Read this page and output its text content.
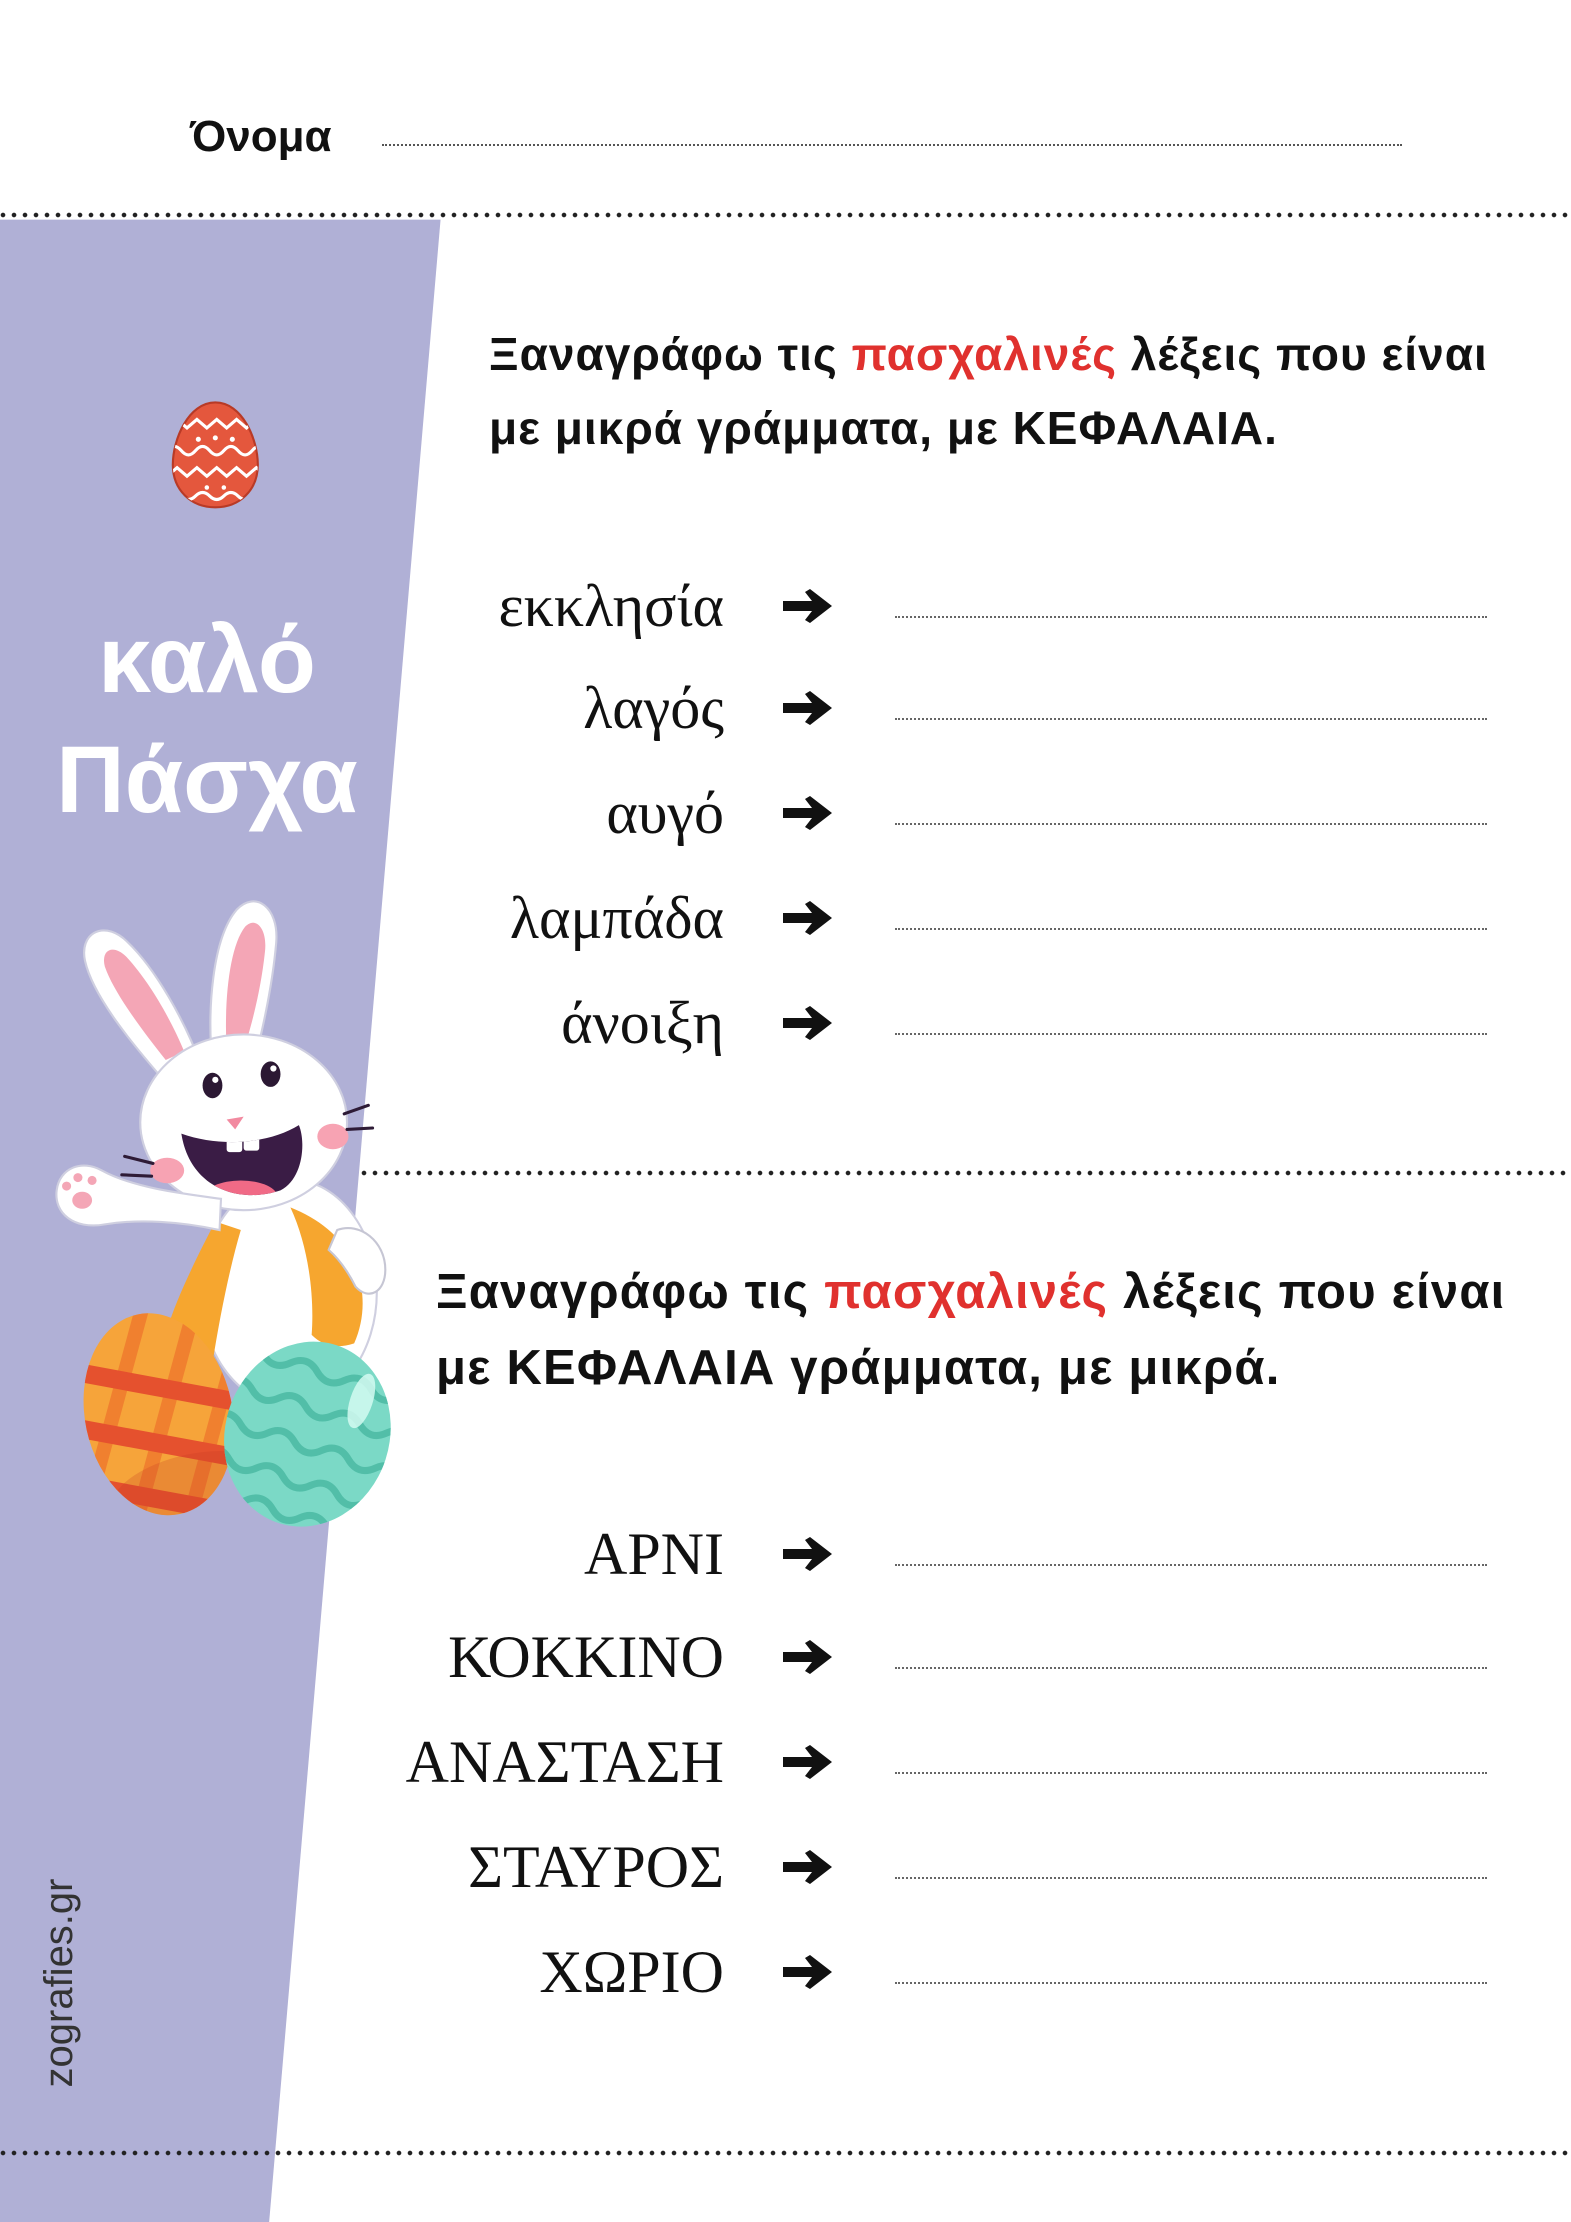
Όνομα
καλό
Πάσχα
zografies.gr
Ξαναγράφω τις πασχαλινές λέξεις που είναι
με μικρά γράμματα, με ΚΕΦΑΛΑΙΑ.
εκκλησία
λαγός
αυγό
λαμπάδα
άνοιξη
Ξαναγράφω τις πασχαλινές λέξεις που είναι
με ΚΕΦΑΛΑΙΑ γράμματα, με μικρά.
ΑΡΝΙ
ΚΟΚΚΙΝΟ
ΑΝΑΣΤΑΣΗ
ΣΤΑΥΡΟΣ
ΧΩΡΙΟ
